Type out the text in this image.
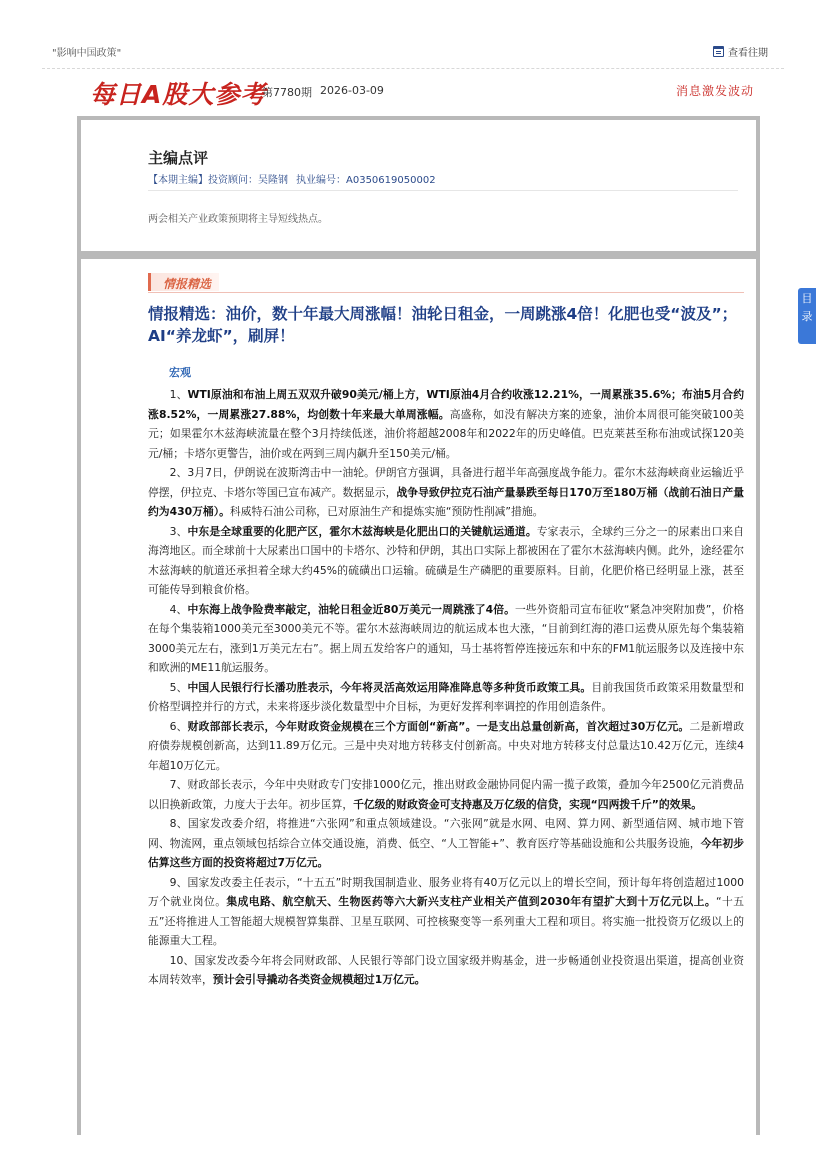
"影响中国政策"	查看往期
每日A股大参考
第7780期 2026-03-09	消息激发波动
主编点评
【本期主编】投资顾问：吴隆钢 执业编号：A0350619050002
两会相关产业政策预期将主导短线热点。
情报精选
情报精选：油价，数十年最大周涨幅！油轮日租金，一周跳涨4倍！化肥也受“波及”；AI“养龙虾”，刷屏！
宏观

1、WTI原油和布油上周五双双升破90美元/桶上方，WTI原油4月合约收涨12.21%，一周累涨35.6%；布油5月合约涨8.52%，一周累涨27.88%，均创数十年来最大单周涨幅。高盛称，如没有解决方案的迹象，油价本周很可能突破100美元；如果霍尔木兹海峡流量在整个3月持续低迷，油价将超越2008年和2022年的历史峰值。巴克莱甚至称布油或试探120美元/桶；卡塔尔更警告，油价或在两到三周内飙升至150美元/桶。

2、3月7日，伊朗说在波斯湾击中一油轮。伊朗官方强调，具备进行超半年高强度战争能力。霍尔木兹海峡商业运输近乎停摆，伊拉克、卡塔尔等国已宣布减产。数据显示，战争导致伊拉克石油产量暴跌至每日170万至180万桶（战前石油日产量约为430万桶）。科威特石油公司称，已对原油生产和提炼实施“预防性削减”措施。

3、中东是全球重要的化肥产区，霍尔木兹海峡是化肥出口的关键航运通道。专家表示，全球约三分之一的尿素出口来自海湾地区。而全球前十大尿素出口国中的卡塔尔、沙特和伊朗，其出口实际上都被困在了霍尔木兹海峡内侧。此外，途经霍尔木兹海峡的航道还承担着全球大约45%的硫磺出口运输。硫磺是生产磷肥的重要原料。目前，化肥价格已经明显上涨，甚至可能传导到粮食价格。

4、中东海上战争险费率敲定，油轮日租金近80万美元一周跳涨了4倍。一些外资船司宣布征收“紧急冲突附加费”，价格在每个集装箱1000美元至3000美元不等。霍尔木兹海峡周边的航运成本也大涨，“目前到红海的港口运费从原先每个集装箱3000美元左右，涨到1万美元左右”。据上周五发给客户的通知，马士基将暂停连接远东和中东的FM1航运服务以及连接中东和欧洲的ME11航运服务。

5、中国人民银行行长潘功胜表示，今年将灵活高效运用降准降息等多种货币政策工具。目前我国货币政策采用数量型和价格型调控并行的方式，未来将逐步淡化数量型中介目标，为更好发挥利率调控的作用创造条件。

6、财政部部长表示，今年财政资金规模在三个方面创“新高”。一是支出总量创新高，首次超过30万亿元。二是新增政府债券规模创新高，达到11.89万亿元。三是中央对地方转移支付创新高。中央对地方转移支付总量达10.42万亿元，连续4年超10万亿元。

7、财政部长表示，今年中央财政专门安排1000亿元，推出财政金融协同促内需一揽子政策，叠加今年2500亿元消费品以旧换新政策，力度大于去年。初步匡算，千亿级的财政资金可支持惠及万亿级的信贷，实现“四两拨千斤”的效果。

8、国家发改委介绍，将推进“六张网”和重点领域建设。“六张网”就是水网、电网、算力网、新型通信网、城市地下管网、物流网，重点领域包括综合立体交通设施，消费、低空、“人工智能+”、教育医疗等基础设施和公共服务设施，今年初步估算这些方面的投资将超过7万亿元。

9、国家发改委主任表示，“十五五”时期我国制造业、服务业将有40万亿元以上的增长空间，预计每年将创造超过1000万个就业岗位。集成电路、航空航天、生物医药等六大新兴支柱产业相关产值到2030年有望扩大到十万亿元以上。“十五五”还将推进人工智能超大规模智算集群、卫星互联网、可控核聚变等一系列重大工程和项目。将实施一批投资万亿级以上的能源重大工程。

10、国家发改委今年将会同财政部、人民银行等部门设立国家级并购基金，进一步畅通创业投资退出渠道，提高创业资本周转效率，预计会引导撬动各类资金规模超过1万亿元。

目
录
